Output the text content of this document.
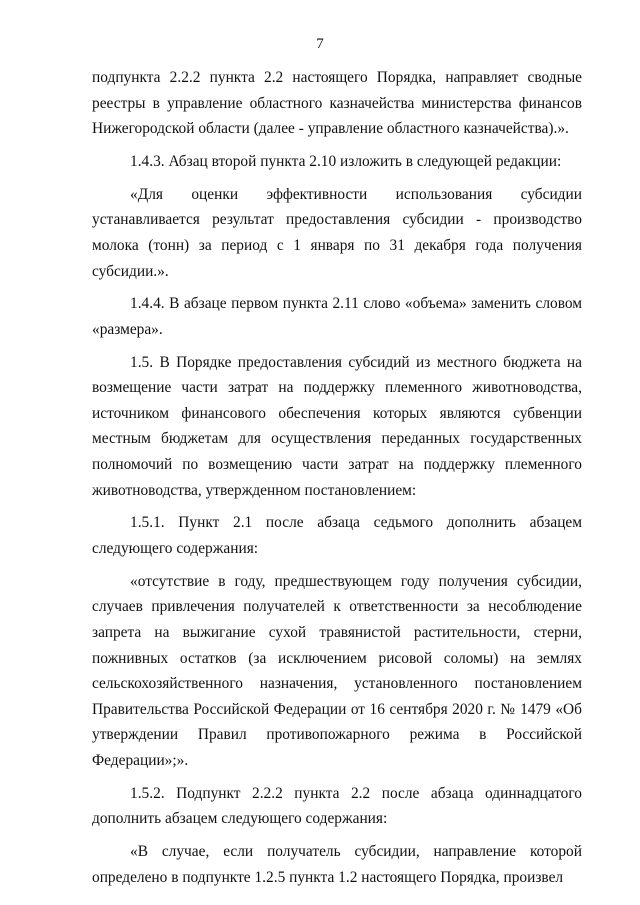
7

подпункта 2.2.2 пункта 2.2 настоящего Порядка, направляет сводные реестры в управление областного казначейства министерства финансов Нижегородской области (далее - управление областного казначейства).».

1.4.3. Абзац второй пункта 2.10 изложить в следующей редакции:

«Для оценки эффективности использования субсидии устанавливается результат предоставления субсидии - производство молока (тонн) за период с 1 января по 31 декабря года получения субсидии.».

1.4.4. В абзаце первом пункта 2.11 слово «объема» заменить словом «размера».

1.5. В Порядке предоставления субсидий из местного бюджета на возмещение части затрат на поддержку племенного животноводства, источником финансового обеспечения которых являются субвенции местным бюджетам для осуществления переданных государственных полномочий по возмещению части затрат на поддержку племенного животноводства, утвержденном постановлением:

1.5.1. Пункт 2.1 после абзаца седьмого дополнить абзацем следующего содержания:

«отсутствие в году, предшествующем году получения субсидии, случаев привлечения получателей к ответственности за несоблюдение запрета на выжигание сухой травянистой растительности, стерни, пожнивных остатков (за исключением рисовой соломы) на землях сельскохозяйственного назначения, установленного постановлением Правительства Российской Федерации от 16 сентября 2020 г. № 1479 «Об утверждении Правил противопожарного режима в Российской Федерации»;».

1.5.2. Подпункт 2.2.2 пункта 2.2 после абзаца одиннадцатого дополнить абзацем следующего содержания:

«В случае, если получатель субсидии, направление которой определено в подпункте 1.2.5 пункта 1.2 настоящего Порядка, произвел
